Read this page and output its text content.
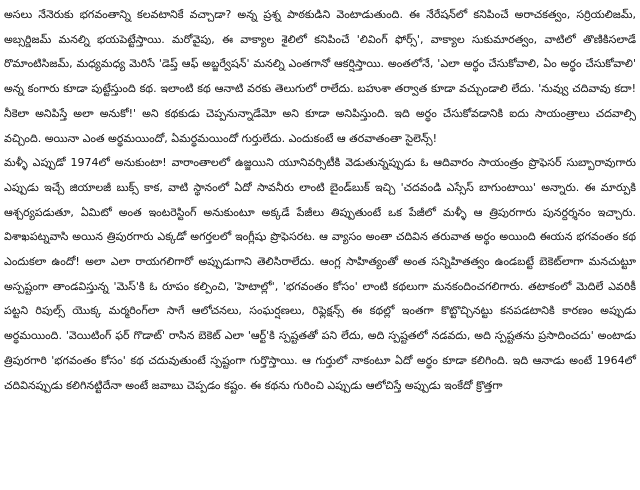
అసలు నేనెరుకు భగవంతాన్ని కలవటానికే వచ్చాడా? అన్న ప్రశ్న పాఠకుడిని వెంటాడుతుంది. ఈ నేరేషన్‌లో కనిపించే అరాచకత్వం, సర్రియలిజమ్, అబ్సర్డిజమ్ మనల్ని భయపెట్టేస్తాయి. మరోవైపు, ఈ వాక్యాల శైలిలో కనిపించే 'లివింగ్ ఫోర్స్', వాక్యాల సుకుమారత్వం, వాటిలో తొణికిసలాడే రొమాంటిసిజమ్, మధ్యమధ్య మెరిసే 'డెప్త్ ఆఫ్ అబ్జర్వేషన్' మనల్ని ఎంతగానో ఆకర్షిస్తాయి. అంతలోనే, 'ఎలా అర్థం చేసుకోవాలి, ఏం అర్థం చేసుకోవాలి' అన్న కంగారు కూడా పుట్టేస్తుంది కథ. ఇలాంటి కథ ఆనాటి వరకు తెలుగులో రాలేదు. బహుశా తర్వాత కూడా వచ్చుండాలి లేదు. 'నువ్వు చదివావు కదా! నీకెలా అనిపిస్తే అలా అనుకో!' అని కథకుడు చెప్పనున్నాడేమో అని కూడా అనిపిస్తుంది. ఇది అర్థం చేసుకోవడానికి ఐదు సాయంత్రాలు చదవాల్సి వచ్చింది. అయినా ఎంత అర్థమయిందో, ఏమర్థమయిందో గుర్తులేదు. ఎందుకంటే ఆ తరవాతంతా సైలెన్స్!

మళ్ళీ ఎప్పుడో 1974లో అనుకుంటా! వారాంతాలలో ఉజ్జయిని యూనివర్సిటీకి వెడుతున్నప్పుడు ఓ ఆదివారం సాయంత్రం ప్రొఫెసర్ సుబ్బారావుగారు ఎప్పుడు ఇచ్చే జియాలజీ బుక్స్ కాక, వాటి స్థానంలో ఏదో సావనీరు లాంటి బైండ్‌బుక్ ఇచ్చి 'చదవండి ఎస్సేస్ బాగుంటాయి' అన్నారు. ఈ మార్పుకి ఆశ్చర్యపడుతూ, ఏమిటో అంత ఇంటరెస్టింగ్ అనుకుంటూ అక్కడే పేజీలు తిప్పుతుంటే ఒక పేజీలో మళ్ళీ ఆ త్రిపురగారు పునర్దర్శనం ఇచ్చారు. విశాఖపట్నవాసి అయిన త్రిపురగారు ఎక్కడో అగర్తలలో ఇంగ్లీషు ప్రొఫెసరట. ఆ వ్యాసం అంతా చదివిన తరువాత అర్థం అయింది ఈయన భగవంతం కథ ఎందుకలా ఉందో! అలా ఎలా రాయగలిగారో అప్పుడుగాని తెలిసిరాలేదు. ఆంగ్ల సాహిత్యంతో అంత సన్నిహితత్వం ఉండబట్టే బెకెట్‌లాగా మనచుట్టూ అస్పష్టంగా తాండవిస్తున్న 'మెస్'కి ఓ రూపం కల్పించి, 'హెటాల్లో', 'భగవంతం కోసం' లాంటి కథలుగా మనకందించగలిగారు. తటాకంలో మెదిలే ఎవరికీ పట్టని రిపుల్స్ యొక్క మర్మరింగ్‌లా సాగే ఆలోచనలు, సంఘర్షణలు, రిఫ్లెక్షన్స్ ఈ కథల్లో ఇంతగా కొట్టొచ్చినట్టు కనపడటానికి కారణం అప్పుడు అర్థమయింది. 'వెయిటింగ్ ఫర్ గొడాట్' రాసిన బెకెట్ ఎలా 'ఆర్ట్'కి స్పష్టతతో పని లేదు, అది స్పష్టతలో నడవదు, అది స్పష్టతను ప్రసాదించదు' అంటాడు త్రిపురగారి 'భగవంతం కోసం' కథ చదువుతుంటే స్పష్టంగా గుర్తొస్తాయి. ఆ గుర్తులో నాకంటూ ఏదో అర్థం కూడా కలిగింది. ఇది ఆనాడు అంటే 1964లో చదివినప్పుడు కలిగినట్టిదేనా అంటే జవాబు చెప్పడం కష్టం. ఈ కథను గురించి ఎప్పుడు ఆలోచిస్తే అప్పుడు ఇంకేదో క్రొత్తగా
